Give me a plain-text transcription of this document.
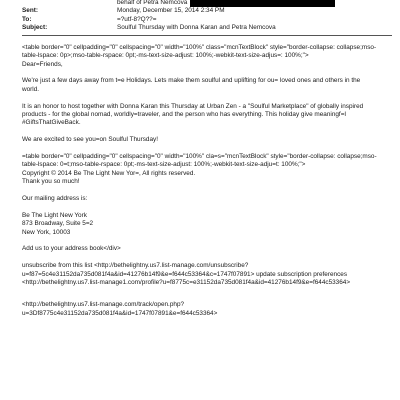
behalf of Petra Nemcova
Sent:	Monday, December 15, 2014 2:34 PM
To:	=?utf-8?Q??=
Subject:	Soulful Thursday with Donna Karan and Petra Nemcova

<table border="0" cellpadding="0" cellspacing="0" width="100%" class="mcnTextBlock" style="border-collapse: collapse;mso-table-lspace: 0p>;mso-table-rspace: 0pt;-ms-text-size-adjust: 100%;-webkit-text-size-adjus=: 100%;">
Dear=Friends,

We're just a few days away from t=e Holidays. Lets make them soulful and uplifting for ou= loved ones and others in the world.

It is an honor to host together with Donna Karan this Thursday at Urban Zen - a "Soulful Marketplace" of globally inspired products - for the global nomad, worldly=traveler, and the person who has everything. This holiday give meaningf=l #GiftsThatGiveBack.

We are excited to see you=on Soulful Thursday!

=table border="0" cellpadding="0" cellspacing="0" width="100%" cla=s="mcnTextBlock" style="border-collapse: collapse;mso-table-lspace: 0=t;mso-table-rspace: 0pt;-ms-text-size-adjust: 100%;-webkit-text-size-adju=t: 100%;">
Copyright © 2014 Be The Light New Yor=, All rights reserved.
Thank you so much!

Our mailing address is:

Be The Light New York
873 Broadway, Suite 5=2
New York, 10003

Add us to your address book</div>

unsubscribe from this list <http://bethelightny.us7.list-manage.com/unsubscribe?u=f87=5c4e31152da735d081f4a&id=41276b14f9&e=f644c53364&c=1747f07891> update subscription preferences <http://bethelightny.us7.list-manage1.com/profile?u=f8775c=e31152da735d081f4a&id=41276b14f9&e=f644c53364>

<http://bethelightny.us7.list-manage.com/track/open.php?u=3Df8775c4e31152da735d081f4a&id=1747f07891&e=f644c53364>
